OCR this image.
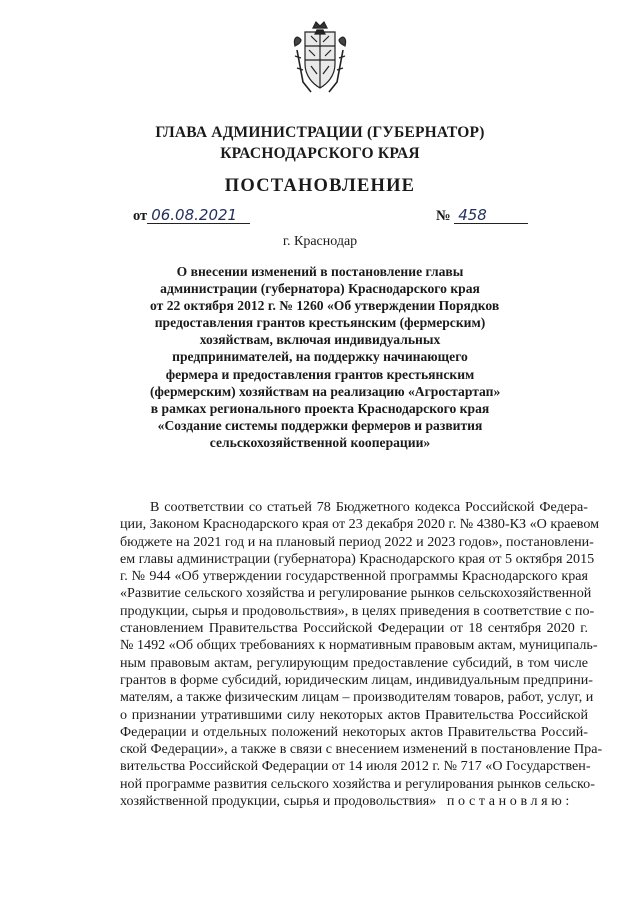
ГЛАВА АДМИНИСТРАЦИИ (ГУБЕРНАТОР)
КРАСНОДАРСКОГО КРАЯ
ПОСТАНОВЛЕНИЕ
от 06.08.2021	№ 458
г. Краснодар
О внесении изменений в постановление главы
администрации (губернатора) Краснодарского края
от 22 октября 2012 г. № 1260 «Об утверждении Порядков
предоставления грантов крестьянским (фермерским)
хозяйствам, включая индивидуальных
предпринимателей, на поддержку начинающего
фермера и предоставления грантов крестьянским
(фермерским) хозяйствам на реализацию «Агростартап»
в рамках регионального проекта Краснодарского края
«Создание системы поддержки фермеров и развития
сельскохозяйственной кооперации»
В соответствии со статьей 78 Бюджетного кодекса Российской Федера-
ции, Законом Краснодарского края от 23 декабря 2020 г. № 4380-КЗ «О краевом
бюджете на 2021 год и на плановый период 2022 и 2023 годов», постановлени-
ем главы администрации (губернатора) Краснодарского края от 5 октября 2015
г. № 944 «Об утверждении государственной программы Краснодарского края
«Развитие сельского хозяйства и регулирование рынков сельскохозяйственной
продукции, сырья и продовольствия», в целях приведения в соответствие с по-
становлением Правительства Российской Федерации от 18 сентября 2020 г.
№ 1492 «Об общих требованиях к нормативным правовым актам, муниципаль-
ным правовым актам, регулирующим предоставление субсидий, в том числе
грантов в форме субсидий, юридическим лицам, индивидуальным предприни-
мателям, а также физическим лицам – производителям товаров, работ, услуг, и
о признании утратившими силу некоторых актов Правительства Российской
Федерации и отдельных положений некоторых актов Правительства Россий-
ской Федерации», а также в связи с внесением изменений в постановление Пра-
вительства Российской Федерации от 14 июля 2012 г. № 717 «О Государствен-
ной программе развития сельского хозяйства и регулирования рынков сельско-
хозяйственной продукции, сырья и продовольствия» постановляю:
